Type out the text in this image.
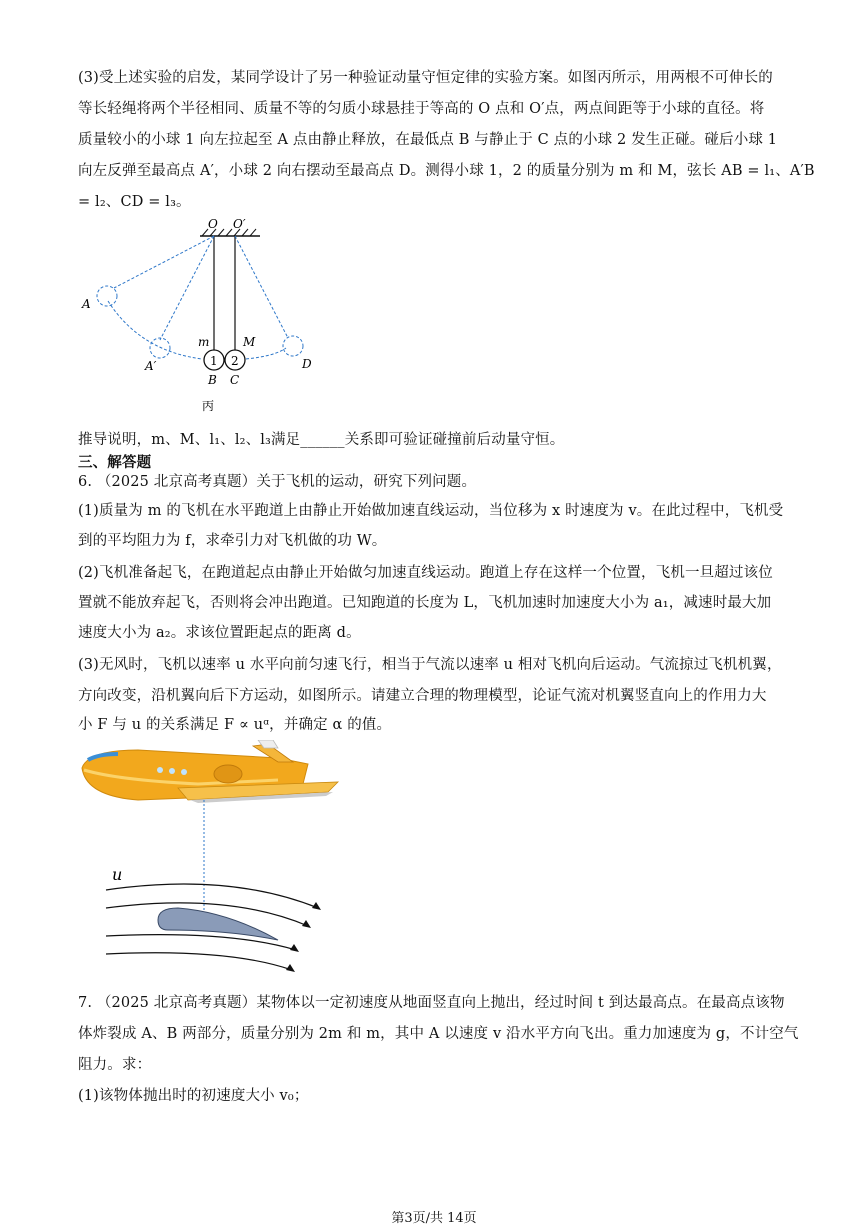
(3)受上述实验的启发，某同学设计了另一种验证动量守恒定律的实验方案。如图丙所示，用两根不可伸长的
等长轻绳将两个半径相同、质量不等的匀质小球悬挂于等高的 O 点和 O′点，两点间距等于小球的直径。将
质量较小的小球 1 向左拉起至 A 点由静止释放，在最低点 B 与静止于 C 点的小球 2 发生正碰。碰后小球 1
向左反弹至最高点 A′，小球 2 向右摆动至最高点 D。测得小球 1，2 的质量分别为 m 和 M，弦长 AB = l₁、A′B
= l₂、CD = l₃。
O O′
1 2
m	M
A
A′	D
B C
丙
推导说明，m、M、l₁、l₂、l₃满足______关系即可验证碰撞前后动量守恒。
三、解答题
6. （2025 北京高考真题）关于飞机的运动，研究下列问题。
(1)质量为 m 的飞机在水平跑道上由静止开始做加速直线运动，当位移为 x 时速度为 v。在此过程中，飞机受
到的平均阻力为 f，求牵引力对飞机做的功 W。
(2)飞机准备起飞，在跑道起点由静止开始做匀加速直线运动。跑道上存在这样一个位置，飞机一旦超过该位
置就不能放弃起飞，否则将会冲出跑道。已知跑道的长度为 L，飞机加速时加速度大小为 a₁，减速时最大加
速度大小为 a₂。求该位置距起点的距离 d。
(3)无风时，飞机以速率 u 水平向前匀速飞行，相当于气流以速率 u 相对飞机向后运动。气流掠过飞机机翼，
方向改变，沿机翼向后下方运动，如图所示。请建立合理的物理模型，论证气流对机翼竖直向上的作用力大
小 F 与 u 的关系满足 F ∝ uᵅ，并确定 α 的值。
u
7. （2025 北京高考真题）某物体以一定初速度从地面竖直向上抛出，经过时间 t 到达最高点。在最高点该物
体炸裂成 A、B 两部分，质量分别为 2m 和 m，其中 A 以速度 v 沿水平方向飞出。重力加速度为 g，不计空气
阻力。求：
(1)该物体抛出时的初速度大小 v₀；
第3页/共 14页
